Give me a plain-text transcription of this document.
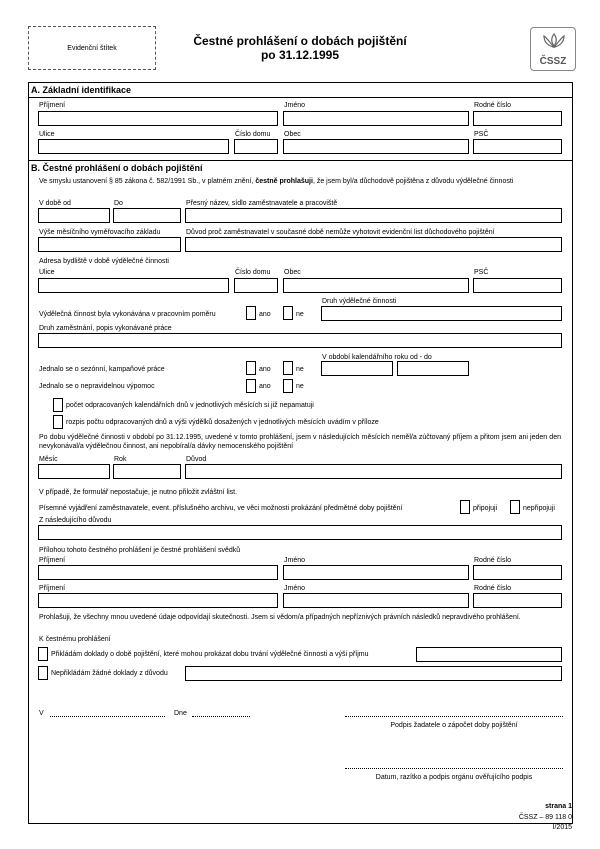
Evidenční štítek	Čestné prohlášení o dobách pojištění
po 31.12.1995	ČSSZ
A. Základní identifikace
Příjmení	Jméno	Rodné číslo
Ulice	Číslo domu Obec	PSČ
B. Čestné prohlášení o dobách pojištění
Ve smyslu ustanovení § 85 zákona č. 582/1991 Sb., v platném znění, čestně prohlašuji, že jsem byl/a důchodově pojištěna z důvodu výdělečné činnosti
V době od	Do	Přesný název, sídlo zaměstnavatele a pracoviště
Výše měsíčního vyměřovacího základu	Důvod proč zaměstnavatel v současné době nemůže vyhotovit evidenční list důchodového pojištění
Adresa bydliště v době výdělečné činnosti
Ulice	Číslo domu Obec	PSČ
Druh výdělečné činnosti
Výdělečná činnost byla vykonávána v pracovním poměru	ano	ne
Druh zaměstnání, popis vykonávané práce
V období kalendářního roku od - do
Jednalo se o sezónní, kampaňové práce	ano	ne
Jednalo se o nepravidelnou výpomoc	ano	ne
počet odpracovaných kalendářních dnů v jednotlivých měsících si již nepamatuji
rozpis počtu odpracovaných dnů a výši výdělků dosažených v jednotlivých měsících uvádím v příloze
Po dobu výdělečné činnosti v období po 31.12.1995, uvedené v tomto prohlášení, jsem v následujících měsících neměl/a zúčtovaný příjem a přitom jsem ani jeden den nevykonával/a výdělečnou činnost, ani nepobíral/a dávky nemocenského pojištění
Měsíc	Rok	Důvod
V případě, že formulář nepostačuje, je nutno přiložit zvláštní list.
Písemné vyjádření zaměstnavatele, event. příslušného archivu, ve věci možnosti prokázání předmětné doby pojištění	připojuji	nepřipojuji
Z následujícího důvodu
Přílohou tohoto čestného prohlášení je čestné prohlášení svědků
Příjmení	Jméno	Rodné číslo
Příjmení	Jméno	Rodné číslo
Prohlašuji, že všechny mnou uvedené údaje odpovídají skutečnosti. Jsem si vědom/a případných nepříznivých právních následků nepravdivého prohlášení.
K čestnému prohlášení
Přikládám doklady o době pojištění, které mohou prokázat dobu trvání výdělečné činnosti a výši příjmu
Nepřikládám žádné doklady z důvodu
V	Dne
Podpis žadatele o zápočet doby pojištění
Datum, razítko a podpis orgánu ověřujícího podpis
strana 1
ČSSZ – 89 118 0
I/2015
